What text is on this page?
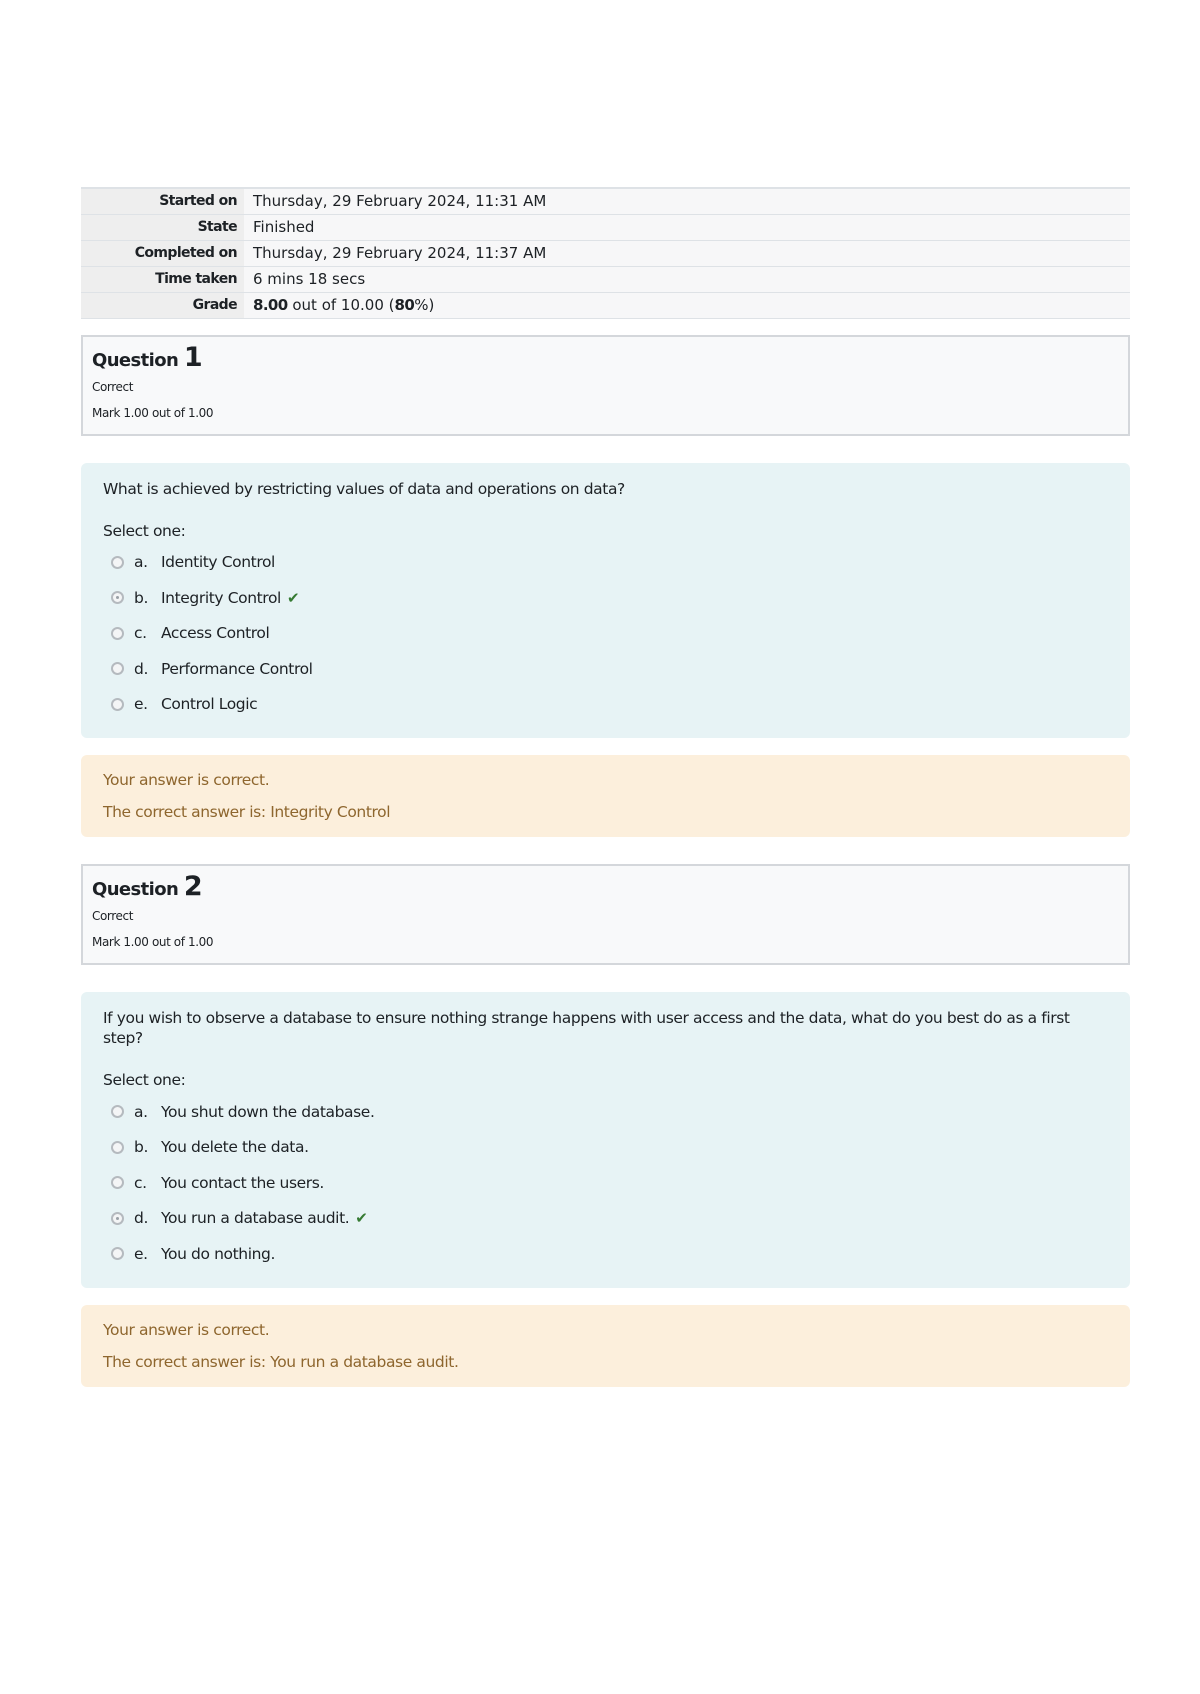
Started on	Thursday, 29 February 2024, 11:31 AM
State	Finished
Completed on	Thursday, 29 February 2024, 11:37 AM
Time taken	6 mins 18 secs
Grade	8.00 out of 10.00 (80%)
Question 1
Correct
Mark 1.00 out of 1.00
What is achieved by restricting values of data and operations on data?
Select one:
a. Identity Control
b. Integrity Control ✔
c. Access Control
d. Performance Control
e. Control Logic
Your answer is correct.
The correct answer is: Integrity Control
Question 2
Correct
Mark 1.00 out of 1.00
If you wish to observe a database to ensure nothing strange happens with user access and the data, what do you best do as a first step?
Select one:
a. You shut down the database.
b. You delete the data.
c. You contact the users.
d. You run a database audit. ✔
e. You do nothing.
Your answer is correct.
The correct answer is: You run a database audit.
